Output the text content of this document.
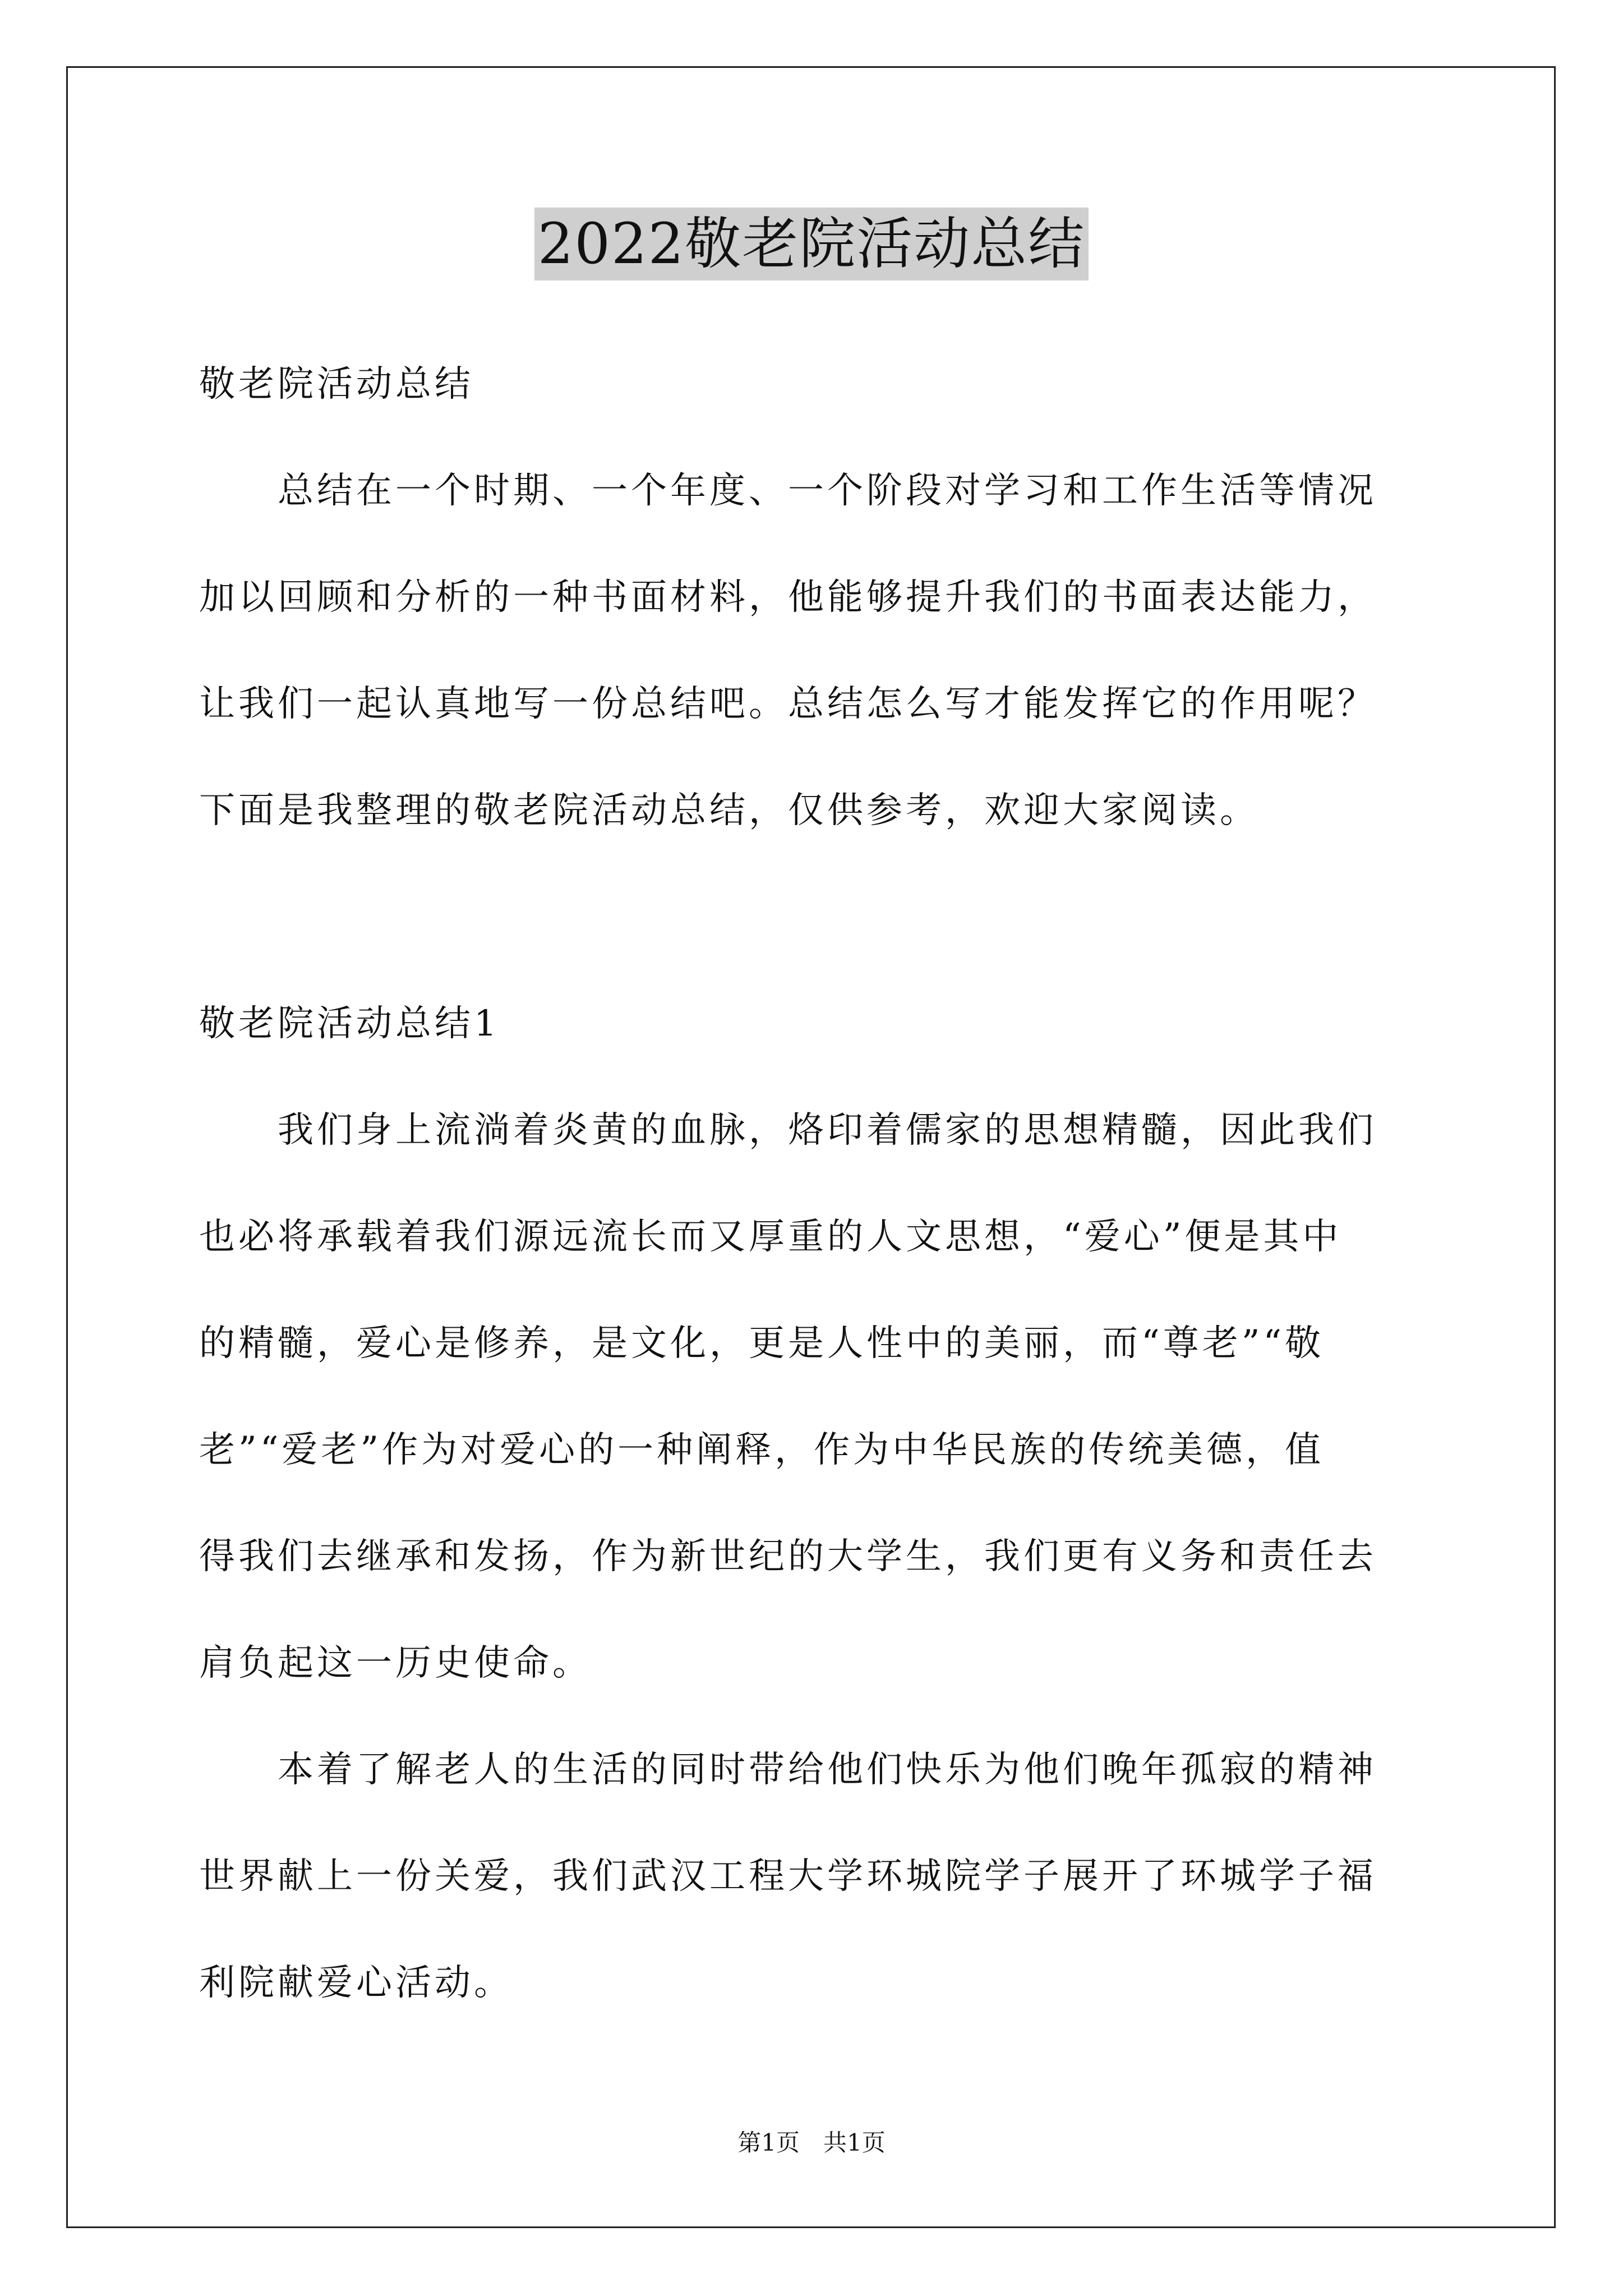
2022敬老院活动总结
敬老院活动总结
总结在一个时期、一个年度、一个阶段对学习和工作生活等情况
加以回顾和分析的一种书面材料，他能够提升我们的书面表达能力，
让我们一起认真地写一份总结吧。总结怎么写才能发挥它的作用呢？
下面是我整理的敬老院活动总结，仅供参考，欢迎大家阅读。
敬老院活动总结1
我们身上流淌着炎黄的血脉，烙印着儒家的思想精髓，因此我们
也必将承载着我们源远流长而又厚重的人文思想，“爱心”便是其中
的精髓，爱心是修养，是文化，更是人性中的美丽，而“尊老”“敬
老”“爱老”作为对爱心的一种阐释，作为中华民族的传统美德，值
得我们去继承和发扬，作为新世纪的大学生，我们更有义务和责任去
肩负起这一历史使命。
本着了解老人的生活的同时带给他们快乐为他们晚年孤寂的精神
世界献上一份关爱，我们武汉工程大学环城院学子展开了环城学子福
利院献爱心活动。
第1页　共1页
